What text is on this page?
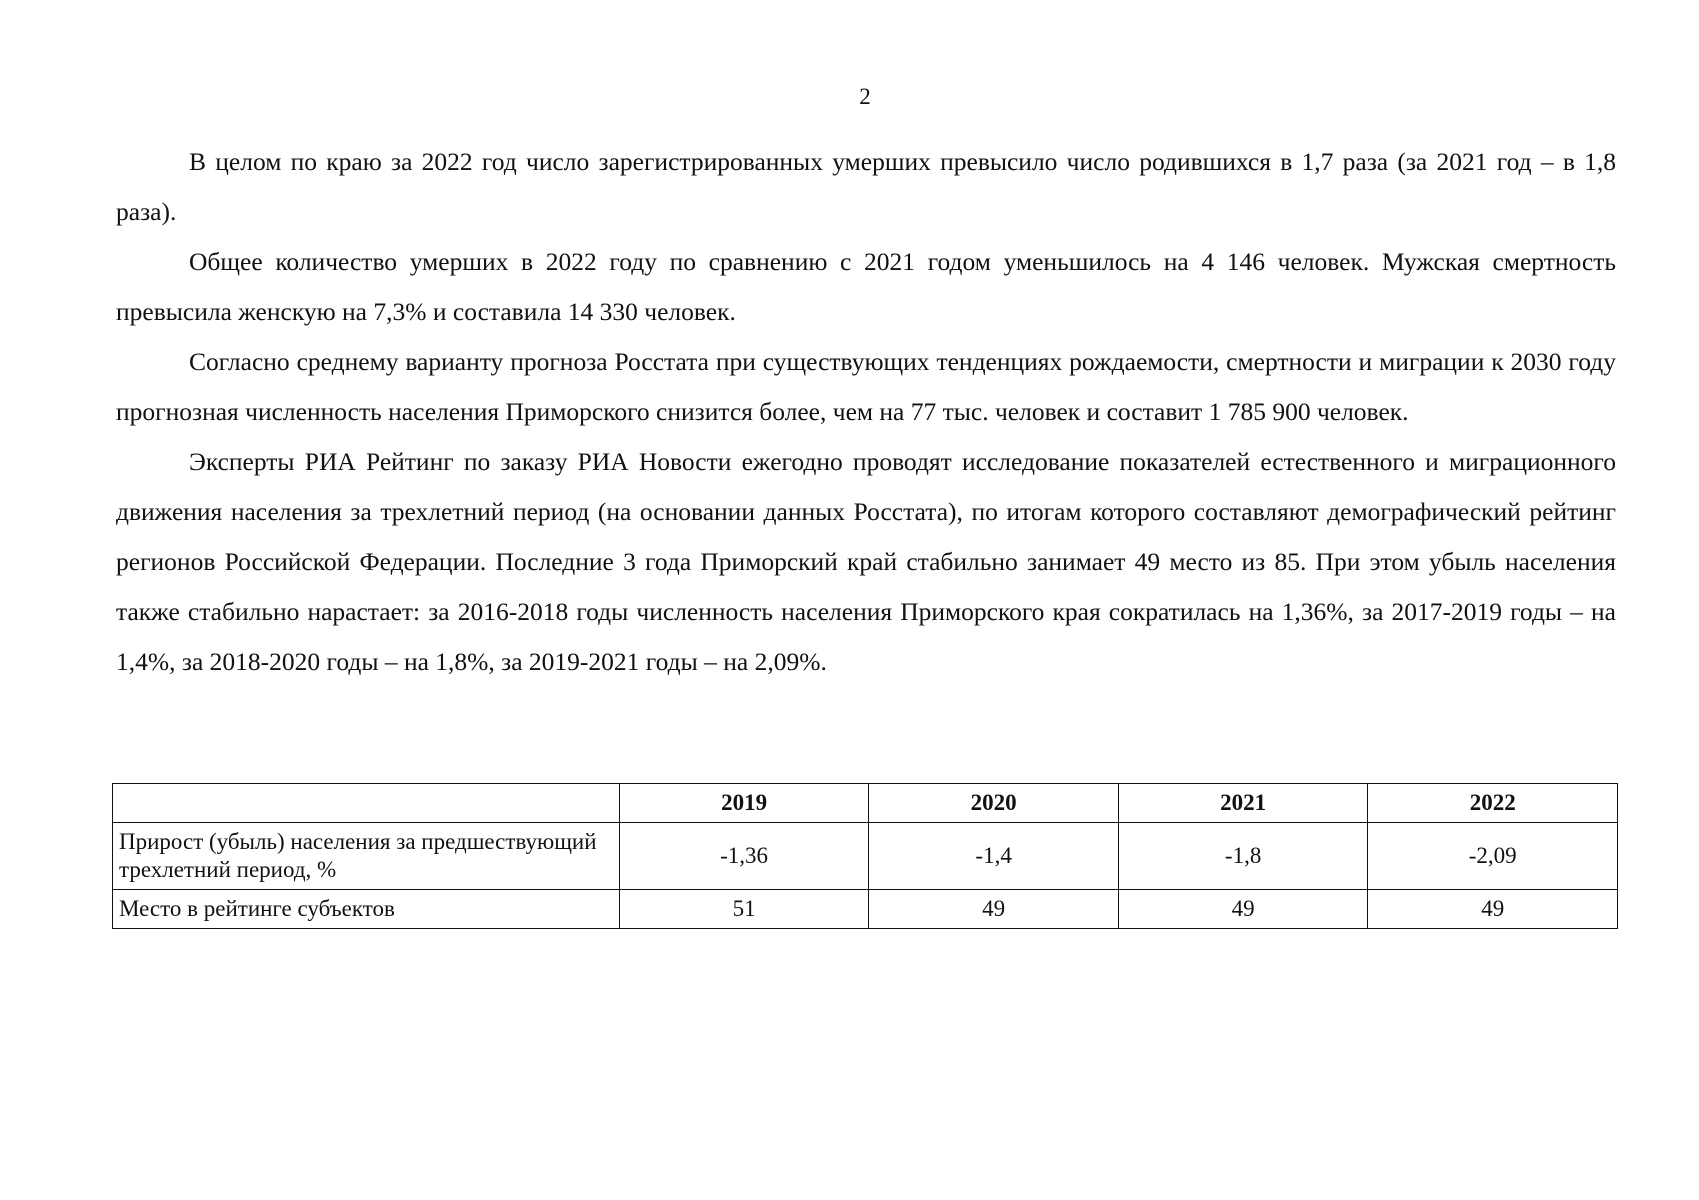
2

В целом по краю за 2022 год число зарегистрированных умерших превысило число родившихся в 1,7 раза (за 2021 год – в 1,8 раза).

Общее количество умерших в 2022 году по сравнению с 2021 годом уменьшилось на 4 146 человек. Мужская смертность превысила женскую на 7,3% и составила 14 330 человек.

Согласно среднему варианту прогноза Росстата при существующих тенденциях рождаемости, смертности и миграции к 2030 году прогнозная численность населения Приморского снизится более, чем на 77 тыс. человек и составит 1 785 900 человек.

Эксперты РИА Рейтинг по заказу РИА Новости ежегодно проводят исследование показателей естественного и миграционного движения населения за трехлетний период (на основании данных Росстата), по итогам которого составляют демографический рейтинг регионов Российской Федерации. Последние 3 года Приморский край стабильно занимает 49 место из 85. При этом убыль населения также стабильно нарастает: за 2016-2018 годы численность населения Приморского края сократилась на 1,36%, за 2017-2019 годы – на 1,4%, за 2018-2020 годы – на 1,8%, за 2019-2021 годы – на 2,09%.

	2019	2020	2021	2022
Прирост (убыль) населения за предшествующий трехлетний период, %	-1,36	-1,4	-1,8	-2,09
Место в рейтинге субъектов	51	49	49	49
